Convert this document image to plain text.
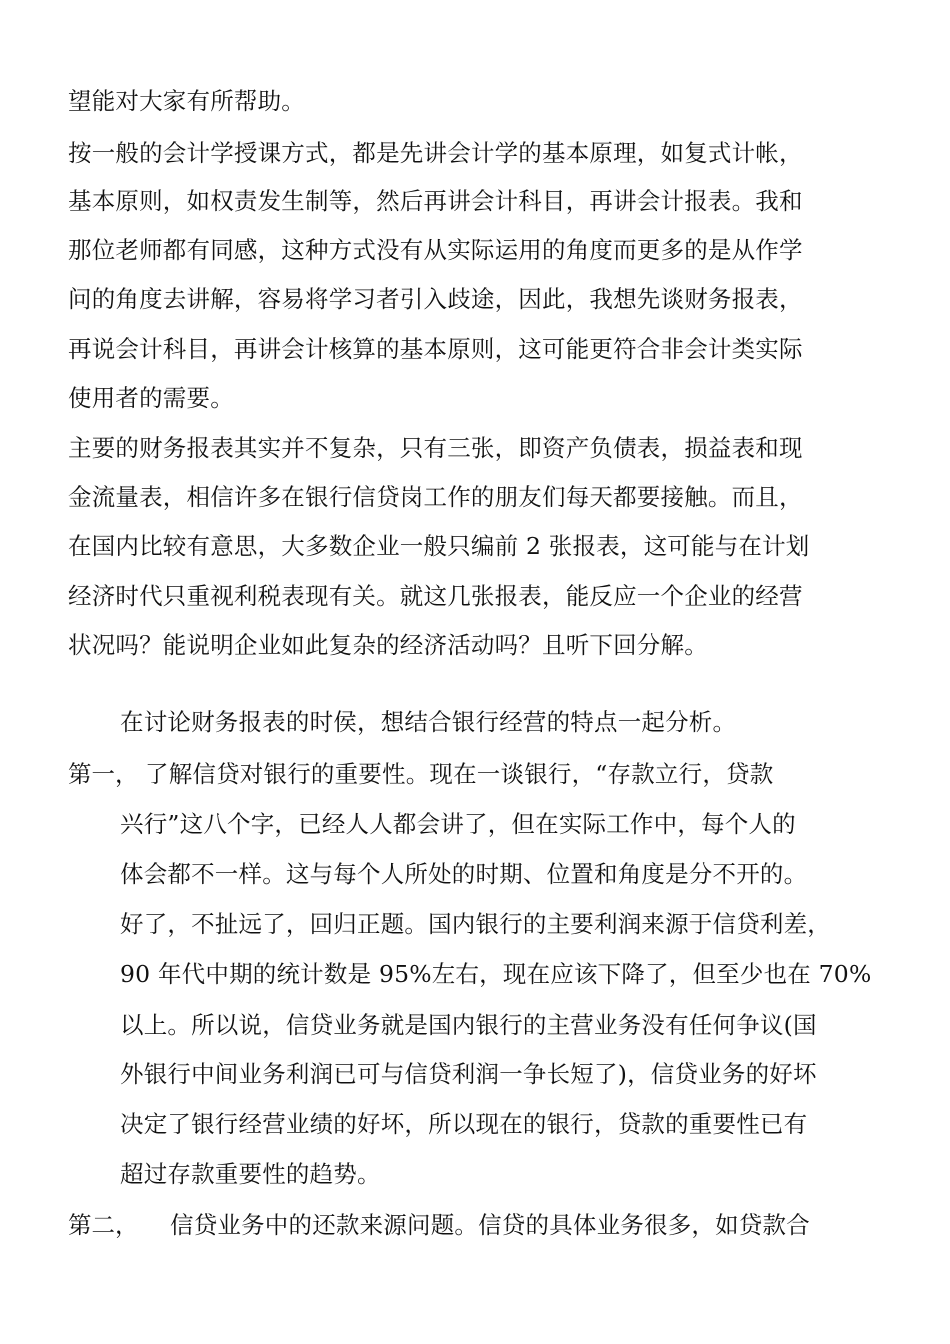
望能对大家有所帮助。
按一般的会计学授课方式，都是先讲会计学的基本原理，如复式计帐，
基本原则，如权责发生制等，然后再讲会计科目，再讲会计报表。我和
那位老师都有同感，这种方式没有从实际运用的角度而更多的是从作学
问的角度去讲解，容易将学习者引入歧途，因此，我想先谈财务报表，
再说会计科目，再讲会计核算的基本原则，这可能更符合非会计类实际
使用者的需要。
主要的财务报表其实并不复杂，只有三张，即资产负债表，损益表和现
金流量表，相信许多在银行信贷岗工作的朋友们每天都要接触。而且，
在国内比较有意思，大多数企业一般只编前 2 张报表，这可能与在计划
经济时代只重视利税表现有关。就这几张报表，能反应一个企业的经营
状况吗？能说明企业如此复杂的经济活动吗？且听下回分解。
在讨论财务报表的时侯，想结合银行经营的特点一起分析。
第一， 了解信贷对银行的重要性。现在一谈银行，“存款立行，贷款
兴行”这八个字，已经人人都会讲了，但在实际工作中，每个人的
体会都不一样。这与每个人所处的时期、位置和角度是分不开的。
好了，不扯远了，回归正题。国内银行的主要利润来源于信贷利差，
90 年代中期的统计数是 95%左右，现在应该下降了，但至少也在 70%
以上。所以说，信贷业务就是国内银行的主营业务没有任何争议(国
外银行中间业务利润已可与信贷利润一争长短了)，信贷业务的好坏
决定了银行经营业绩的好坏，所以现在的银行，贷款的重要性已有
超过存款重要性的趋势。
第二， 信贷业务中的还款来源问题。信贷的具体业务很多，如贷款合
